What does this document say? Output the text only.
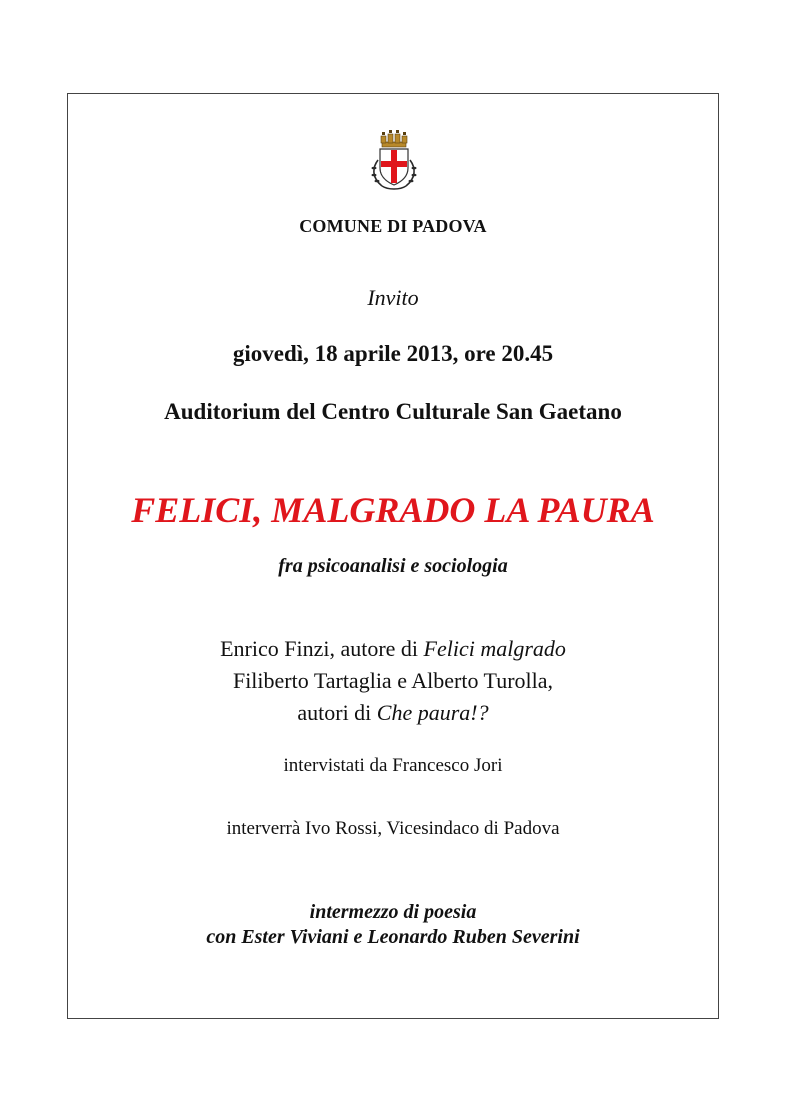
COMUNE DI PADOVA
Invito
giovedì, 18 aprile 2013, ore 20.45
Auditorium del Centro Culturale San Gaetano
FELICI, MALGRADO LA PAURA
fra psicoanalisi e sociologia
Enrico Finzi, autore di Felici malgrado
Filiberto Tartaglia e Alberto Turolla,
autori di Che paura!?
intervistati da Francesco Jori
interverrà Ivo Rossi, Vicesindaco di Padova
intermezzo di poesia
con Ester Viviani e Leonardo Ruben Severini
